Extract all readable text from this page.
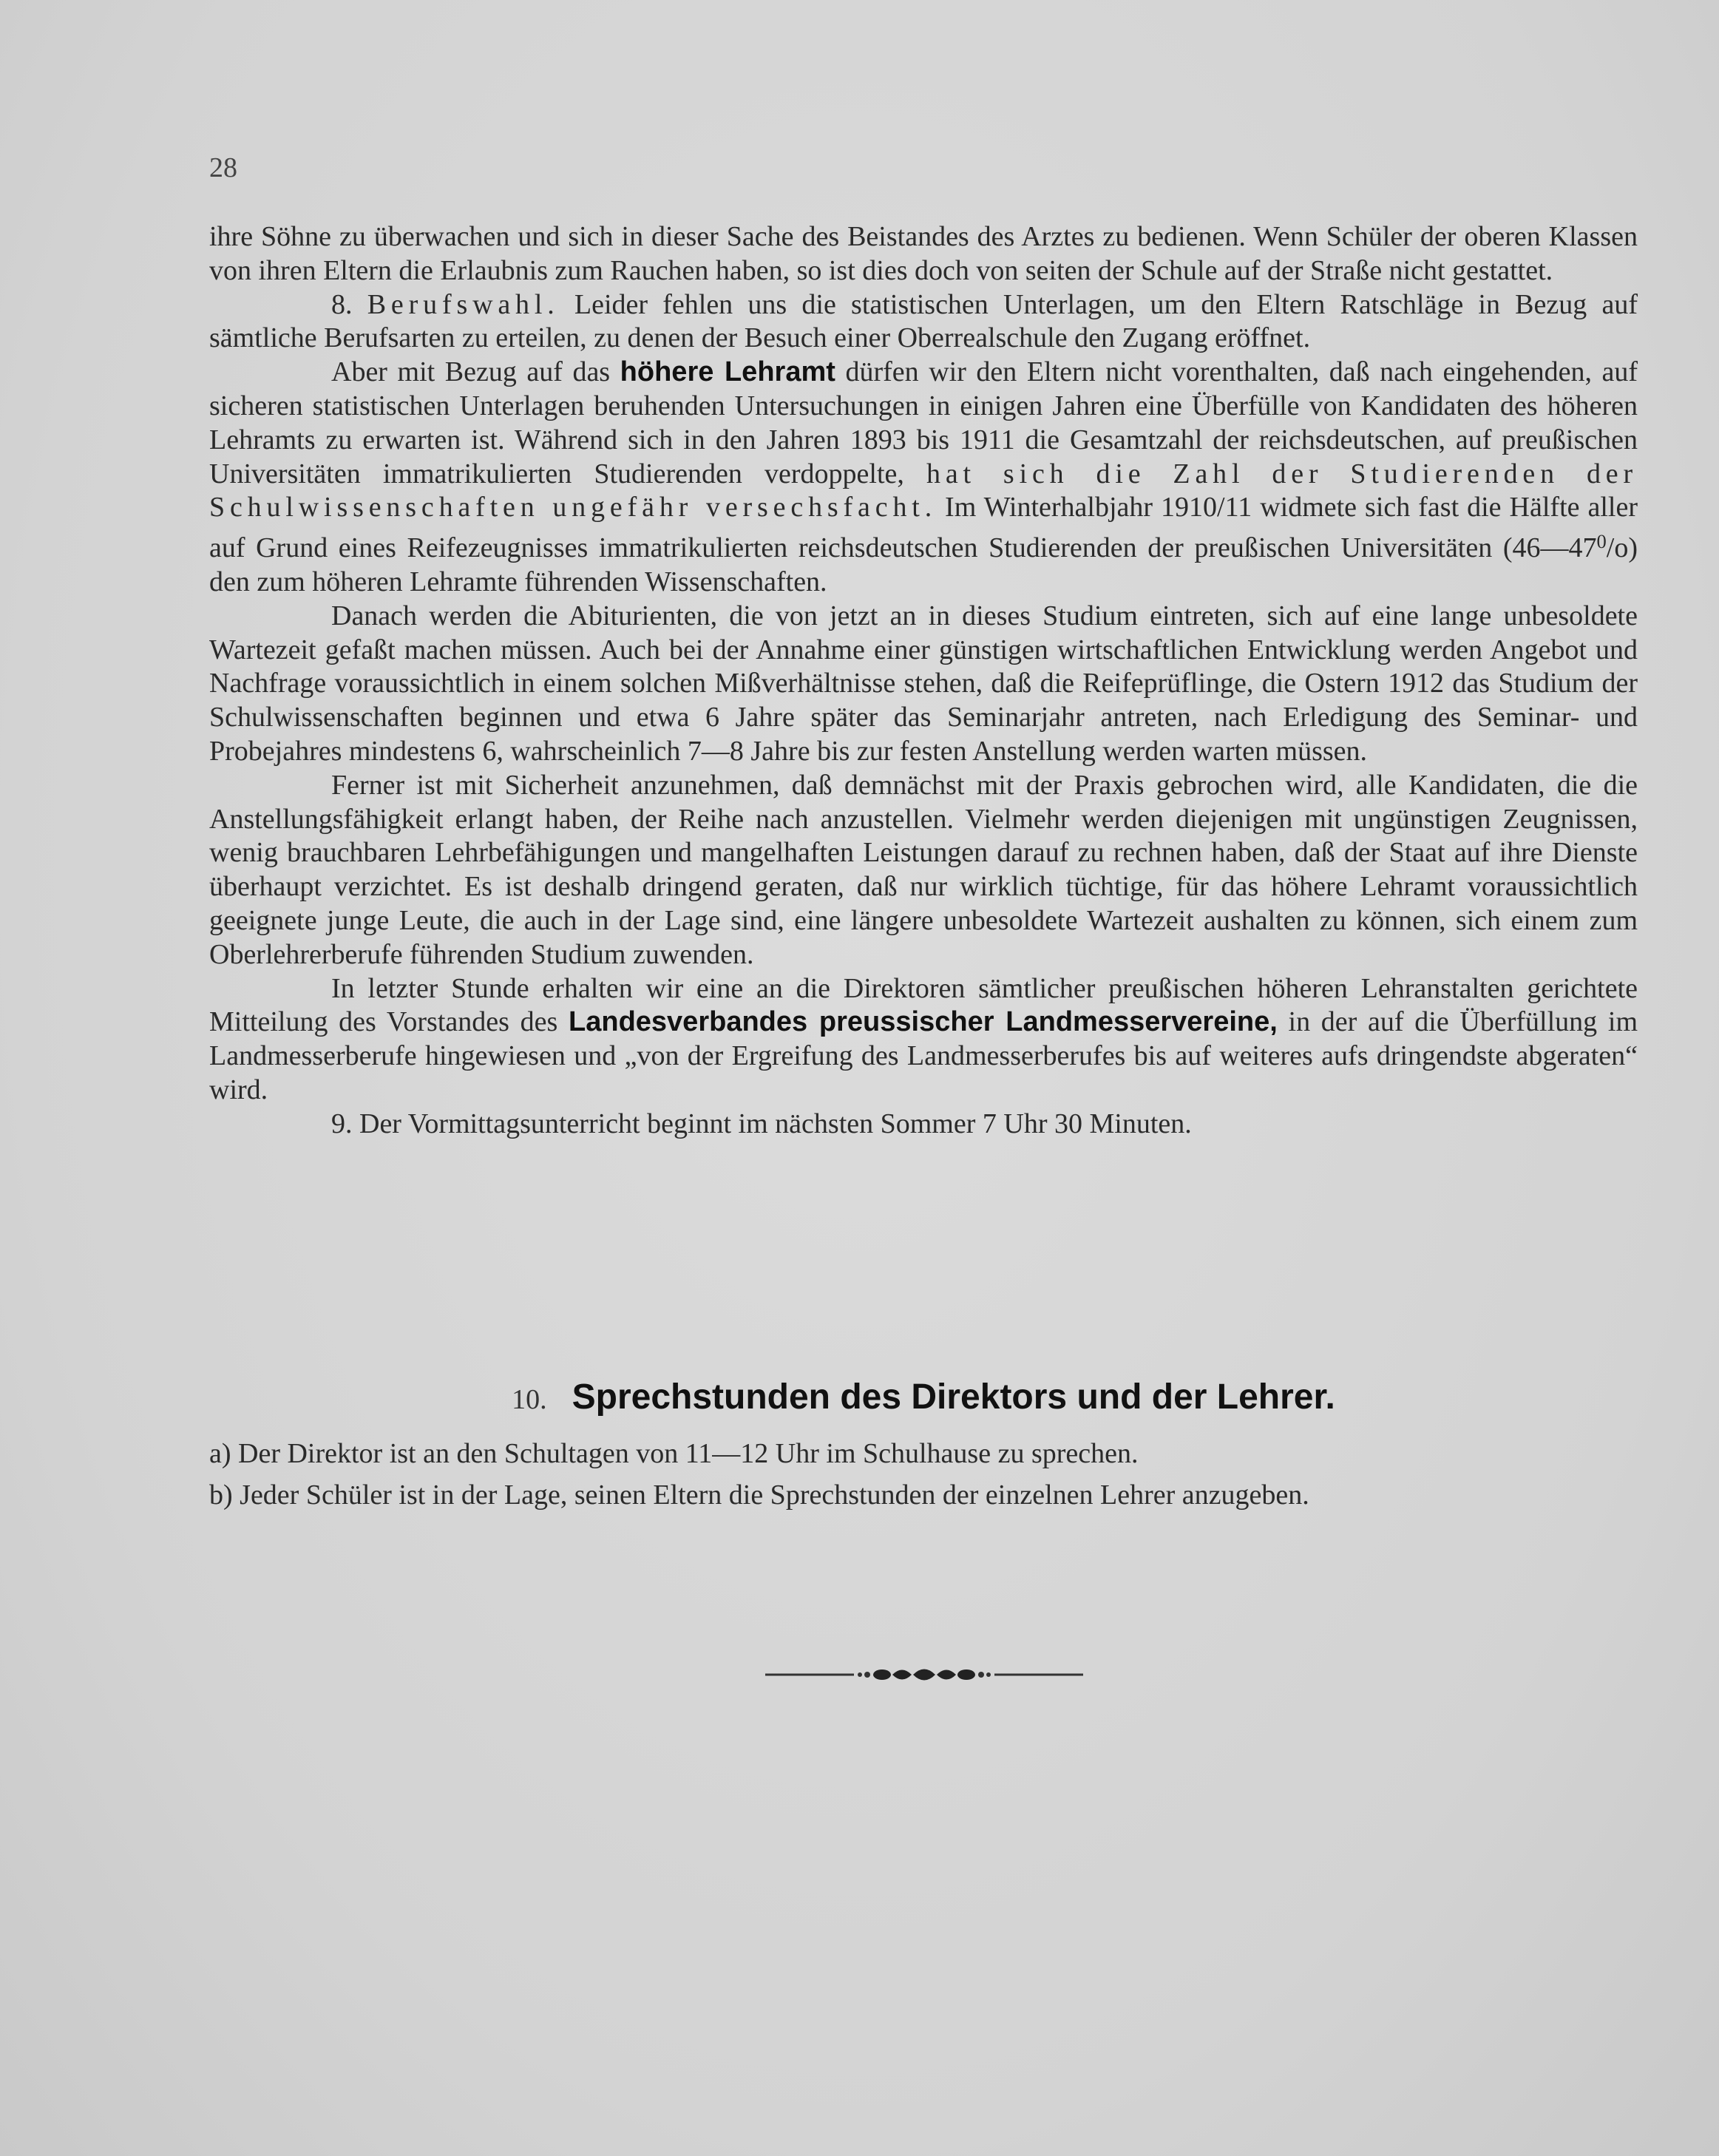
28

ihre Söhne zu überwachen und sich in dieser Sache des Beistandes des Arztes zu bedienen. Wenn Schüler der oberen Klassen von ihren Eltern die Erlaubnis zum Rauchen haben, so ist dies doch von seiten der Schule auf der Straße nicht gestattet.

8. Berufswahl. Leider fehlen uns die statistischen Unterlagen, um den Eltern Ratschläge in Bezug auf sämtliche Berufsarten zu erteilen, zu denen der Besuch einer Oberrealschule den Zugang eröffnet.

Aber mit Bezug auf das höhere Lehramt dürfen wir den Eltern nicht vorenthalten, daß nach eingehenden, auf sicheren statistischen Unterlagen beruhenden Untersuchungen in einigen Jahren eine Überfülle von Kandidaten des höheren Lehramts zu erwarten ist. Während sich in den Jahren 1893 bis 1911 die Gesamtzahl der reichsdeutschen, auf preußischen Universitäten immatrikulierten Studierenden verdoppelte, hat sich die Zahl der Studierenden der Schulwissenschaften ungefähr versechsfacht. Im Winterhalbjahr 1910/11 widmete sich fast die Hälfte aller auf Grund eines Reifezeugnisses immatrikulierten reichsdeutschen Studierenden der preußischen Universitäten $(46—47^0/o)$ den zum höheren Lehramte führenden Wissenschaften.

Danach werden die Abiturienten, die von jetzt an in dieses Studium eintreten, sich auf eine lange unbesoldete Wartezeit gefaßt machen müssen. Auch bei der Annahme einer günstigen wirtschaftlichen Entwicklung werden Angebot und Nachfrage voraussichtlich in einem solchen Mißverhältnisse stehen, daß die Reifeprüflinge, die Ostern 1912 das Studium der Schulwissenschaften beginnen und etwa 6 Jahre später das Seminarjahr antreten, nach Erledigung des Seminar- und Probejahres mindestens 6, wahrscheinlich 7—8 Jahre bis zur festen Anstellung werden warten müssen.

Ferner ist mit Sicherheit anzunehmen, daß demnächst mit der Praxis gebrochen wird, alle Kandidaten, die die Anstellungsfähigkeit erlangt haben, der Reihe nach anzustellen. Vielmehr werden diejenigen mit ungünstigen Zeugnissen, wenig brauchbaren Lehrbefähigungen und mangelhaften Leistungen darauf zu rechnen haben, daß der Staat auf ihre Dienste überhaupt verzichtet. Es ist deshalb dringend geraten, daß nur wirklich tüchtige, für das höhere Lehramt voraussichtlich geeignete junge Leute, die auch in der Lage sind, eine längere unbesoldete Wartezeit aushalten zu können, sich einem zum Oberlehrerberufe führenden Studium zuwenden.

In letzter Stunde erhalten wir eine an die Direktoren sämtlicher preußischen höheren Lehranstalten gerichtete Mitteilung des Vorstandes des Landesverbandes preussischer Landmesservereine, in der auf die Überfüllung im Landmesserberufe hingewiesen und „von der Ergreifung des Landmesserberufes bis auf weiteres aufs dringendste abgeraten“ wird.

9. Der Vormittagsunterricht beginnt im nächsten Sommer 7 Uhr 30 Minuten.

10. Sprechstunden des Direktors und der Lehrer.
a) Der Direktor ist an den Schultagen von 11—12 Uhr im Schulhause zu sprechen.
b) Jeder Schüler ist in der Lage, seinen Eltern die Sprechstunden der einzelnen Lehrer anzugeben.
